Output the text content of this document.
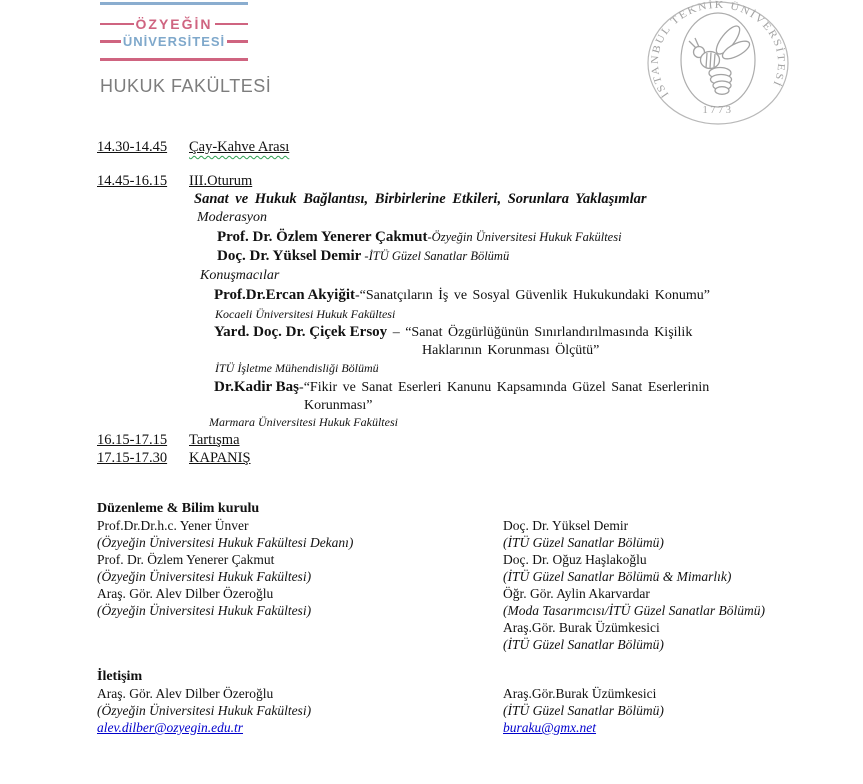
ÖZYEĞİN
ÜNİVERSİTESİ
HUKUK FAKÜLTESİ	İSTANBUL TEKNİK ÜNİVERSİTESİ
1773
14.30-14.45	Çay-Kahve Arası
14.45-16.15	III.Oturum
Sanat ve Hukuk Bağlantısı, Birbirlerine Etkileri, Sorunlara Yaklaşımlar
Moderasyon
Prof. Dr. Özlem Yenerer Çakmut-Özyeğin Üniversitesi Hukuk Fakültesi
Doç. Dr. Yüksel Demir -İTÜ Güzel Sanatlar Bölümü
Konuşmacılar
Prof.Dr.Ercan Akyiğit-“Sanatçıların İş ve Sosyal Güvenlik Hukukundaki Konumu”
Kocaeli Üniversitesi Hukuk Fakültesi
Yard. Doç. Dr. Çiçek Ersoy – “Sanat Özgürlüğünün Sınırlandırılmasında Kişilik
Haklarının Korunması Ölçütü”
İTÜ İşletme Mühendisliği Bölümü
Dr.Kadir Baş-“Fikir ve Sanat Eserleri Kanunu Kapsamında Güzel Sanat Eserlerinin
Korunması”
Marmara Üniversitesi Hukuk Fakültesi
16.15-17.15	Tartışma
17.15-17.30	KAPANIŞ
Düzenleme & Bilim kurulu
Prof.Dr.Dr.h.c. Yener Ünver
(Özyeğin Üniversitesi Hukuk Fakültesi Dekanı)
Prof. Dr. Özlem Yenerer Çakmut
(Özyeğin Üniversitesi Hukuk Fakültesi)
Araş. Gör. Alev Dilber Özeroğlu
(Özyeğin Üniversitesi Hukuk Fakültesi)
Doç. Dr. Yüksel Demir
(İTÜ Güzel Sanatlar Bölümü)
Doç. Dr. Oğuz Haşlakoğlu
(İTÜ Güzel Sanatlar Bölümü & Mimarlık)
Öğr. Gör. Aylin Akarvardar
(Moda Tasarımcısı/İTÜ Güzel Sanatlar Bölümü)
Araş.Gör. Burak Üzümkesici
(İTÜ Güzel Sanatlar Bölümü)
İletişim
Araş. Gör. Alev Dilber Özeroğlu
(Özyeğin Üniversitesi Hukuk Fakültesi)
alev.dilber@ozyegin.edu.tr
Araş.Gör.Burak Üzümkesici
(İTÜ Güzel Sanatlar Bölümü)
buraku@gmx.net
